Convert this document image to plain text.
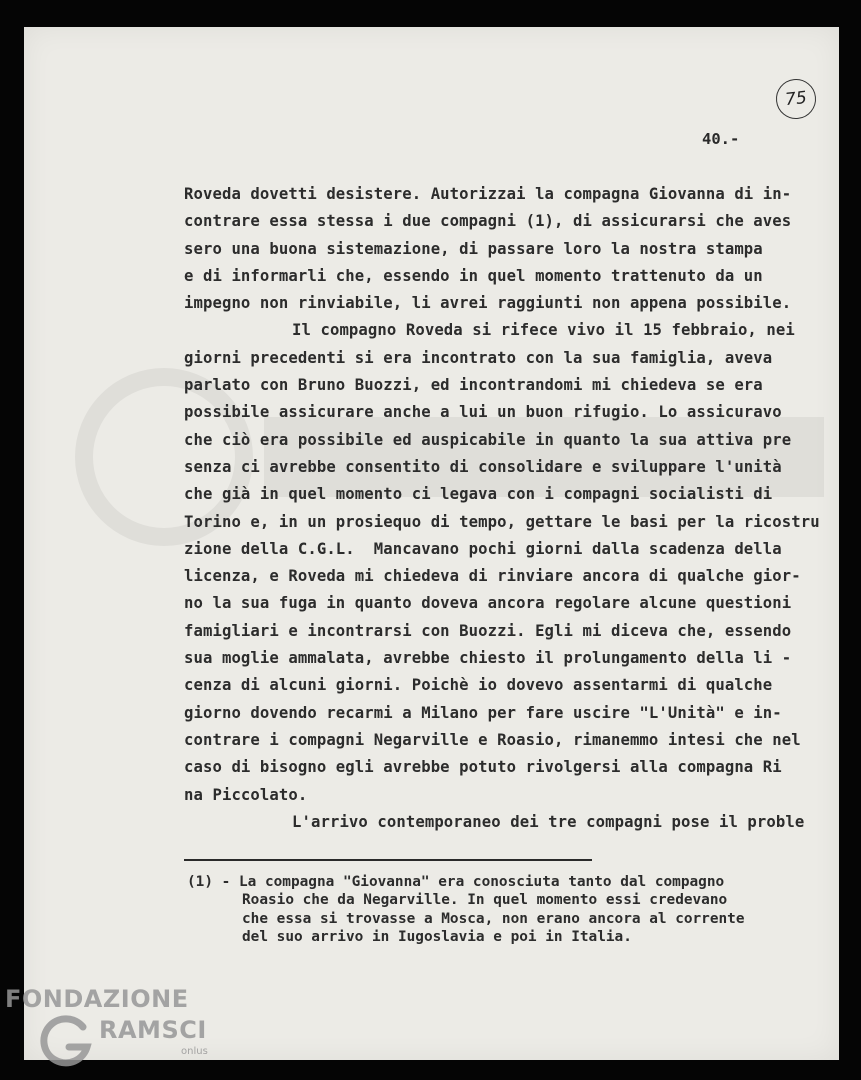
75
40.-
Roveda dovetti desistere. Autorizzai la compagna Giovanna di in-
contrare essa stessa i due compagni (1), di assicurarsi che aves
sero una buona sistemazione, di passare loro la nostra stampa
e di informarli che, essendo in quel momento trattenuto da un
impegno non rinviabile, li avrei raggiunti non appena possibile.
Il compagno Roveda si rifece vivo il 15 febbraio, nei
giorni precedenti si era incontrato con la sua famiglia, aveva
parlato con Bruno Buozzi, ed incontrandomi mi chiedeva se era
possibile assicurare anche a lui un buon rifugio. Lo assicuravo
che ciò era possibile ed auspicabile in quanto la sua attiva pre
senza ci avrebbe consentito di consolidare e sviluppare l'unità
che già in quel momento ci legava con i compagni socialisti di
Torino e, in un prosiequo di tempo, gettare le basi per la ricostru
zione della C.G.L.  Mancavano pochi giorni dalla scadenza della
licenza, e Roveda mi chiedeva di rinviare ancora di qualche gior-
no la sua fuga in quanto doveva ancora regolare alcune questioni
famigliari e incontrarsi con Buozzi. Egli mi diceva che, essendo
sua moglie ammalata, avrebbe chiesto il prolungamento della li -
cenza di alcuni giorni. Poichè io dovevo assentarmi di qualche
giorno dovendo recarmi a Milano per fare uscire "L'Unità" e in-
contrare i compagni Negarville e Roasio, rimanemmo intesi che nel
caso di bisogno egli avrebbe potuto rivolgersi alla compagna Ri
na Piccolato.
L'arrivo contemporaneo dei tre compagni pose il proble
(1) - La compagna "Giovanna" era conosciuta tanto dal compagno
Roasio che da Negarville. In quel momento essi credevano
che essa si trovasse a Mosca, non erano ancora al corrente
del suo arrivo in Iugoslavia e poi in Italia.
FONDAZIONE
RAMSCI
onlus
